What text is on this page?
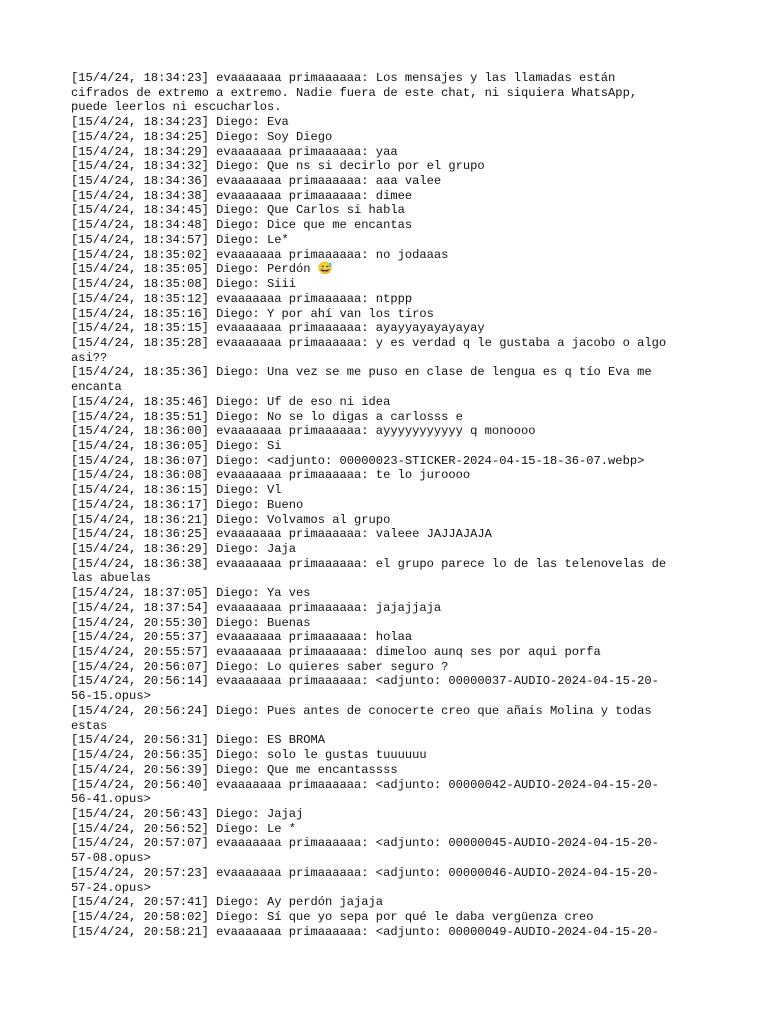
[15/4/24, 18:34:23] evaaaaaaa primaaaaaa: Los mensajes y las llamadas están
cifrados de extremo a extremo. Nadie fuera de este chat, ni siquiera WhatsApp,
puede leerlos ni escucharlos.
[15/4/24, 18:34:23] Diego: Eva
[15/4/24, 18:34:25] Diego: Soy Diego
[15/4/24, 18:34:29] evaaaaaaa primaaaaaa: yaa
[15/4/24, 18:34:32] Diego: Que ns si decirlo por el grupo
[15/4/24, 18:34:36] evaaaaaaa primaaaaaa: aaa valee
[15/4/24, 18:34:38] evaaaaaaa primaaaaaa: dimee
[15/4/24, 18:34:45] Diego: Que Carlos si habla
[15/4/24, 18:34:48] Diego: Dice que me encantas
[15/4/24, 18:34:57] Diego: Le*
[15/4/24, 18:35:02] evaaaaaaa primaaaaaa: no jodaaas
[15/4/24, 18:35:05] Diego: Perdón 😅
[15/4/24, 18:35:08] Diego: Siii
[15/4/24, 18:35:12] evaaaaaaa primaaaaaa: ntppp
[15/4/24, 18:35:16] Diego: Y por ahí van los tiros
[15/4/24, 18:35:15] evaaaaaaa primaaaaaa: ayayyayayayayay
[15/4/24, 18:35:28] evaaaaaaa primaaaaaa: y es verdad q le gustaba a jacobo o algo
asi??
[15/4/24, 18:35:36] Diego: Una vez se me puso en clase de lengua es q tío Eva me
encanta
[15/4/24, 18:35:46] Diego: Uf de eso ni idea
[15/4/24, 18:35:51] Diego: No se lo digas a carlosss e
[15/4/24, 18:36:00] evaaaaaaa primaaaaaa: ayyyyyyyyyyy q monoooo
[15/4/24, 18:36:05] Diego: Si
[15/4/24, 18:36:07] Diego: <adjunto: 00000023-STICKER-2024-04-15-18-36-07.webp>
[15/4/24, 18:36:08] evaaaaaaa primaaaaaa: te lo juroooo
[15/4/24, 18:36:15] Diego: Vl
[15/4/24, 18:36:17] Diego: Bueno
[15/4/24, 18:36:21] Diego: Volvamos al grupo
[15/4/24, 18:36:25] evaaaaaaa primaaaaaa: valeee JAJJAJAJA
[15/4/24, 18:36:29] Diego: Jaja
[15/4/24, 18:36:38] evaaaaaaa primaaaaaa: el grupo parece lo de las telenovelas de
las abuelas
[15/4/24, 18:37:05] Diego: Ya ves
[15/4/24, 18:37:54] evaaaaaaa primaaaaaa: jajajjaja
[15/4/24, 20:55:30] Diego: Buenas
[15/4/24, 20:55:37] evaaaaaaa primaaaaaa: holaa
[15/4/24, 20:55:57] evaaaaaaa primaaaaaa: dimeloo aunq ses por aqui porfa
[15/4/24, 20:56:07] Diego: Lo quieres saber seguro ?
[15/4/24, 20:56:14] evaaaaaaa primaaaaaa: <adjunto: 00000037-AUDIO-2024-04-15-20-
56-15.opus>
[15/4/24, 20:56:24] Diego: Pues antes de conocerte creo que añais Molina y todas
estas
[15/4/24, 20:56:31] Diego: ES BROMA
[15/4/24, 20:56:35] Diego: solo le gustas tuuuuuu
[15/4/24, 20:56:39] Diego: Que me encantassss
[15/4/24, 20:56:40] evaaaaaaa primaaaaaa: <adjunto: 00000042-AUDIO-2024-04-15-20-
56-41.opus>
[15/4/24, 20:56:43] Diego: Jajaj
[15/4/24, 20:56:52] Diego: Le *
[15/4/24, 20:57:07] evaaaaaaa primaaaaaa: <adjunto: 00000045-AUDIO-2024-04-15-20-
57-08.opus>
[15/4/24, 20:57:23] evaaaaaaa primaaaaaa: <adjunto: 00000046-AUDIO-2024-04-15-20-
57-24.opus>
[15/4/24, 20:57:41] Diego: Ay perdón jajaja
[15/4/24, 20:58:02] Diego: Sí que yo sepa por qué le daba vergüenza creo
[15/4/24, 20:58:21] evaaaaaaa primaaaaaa: <adjunto: 00000049-AUDIO-2024-04-15-20-
